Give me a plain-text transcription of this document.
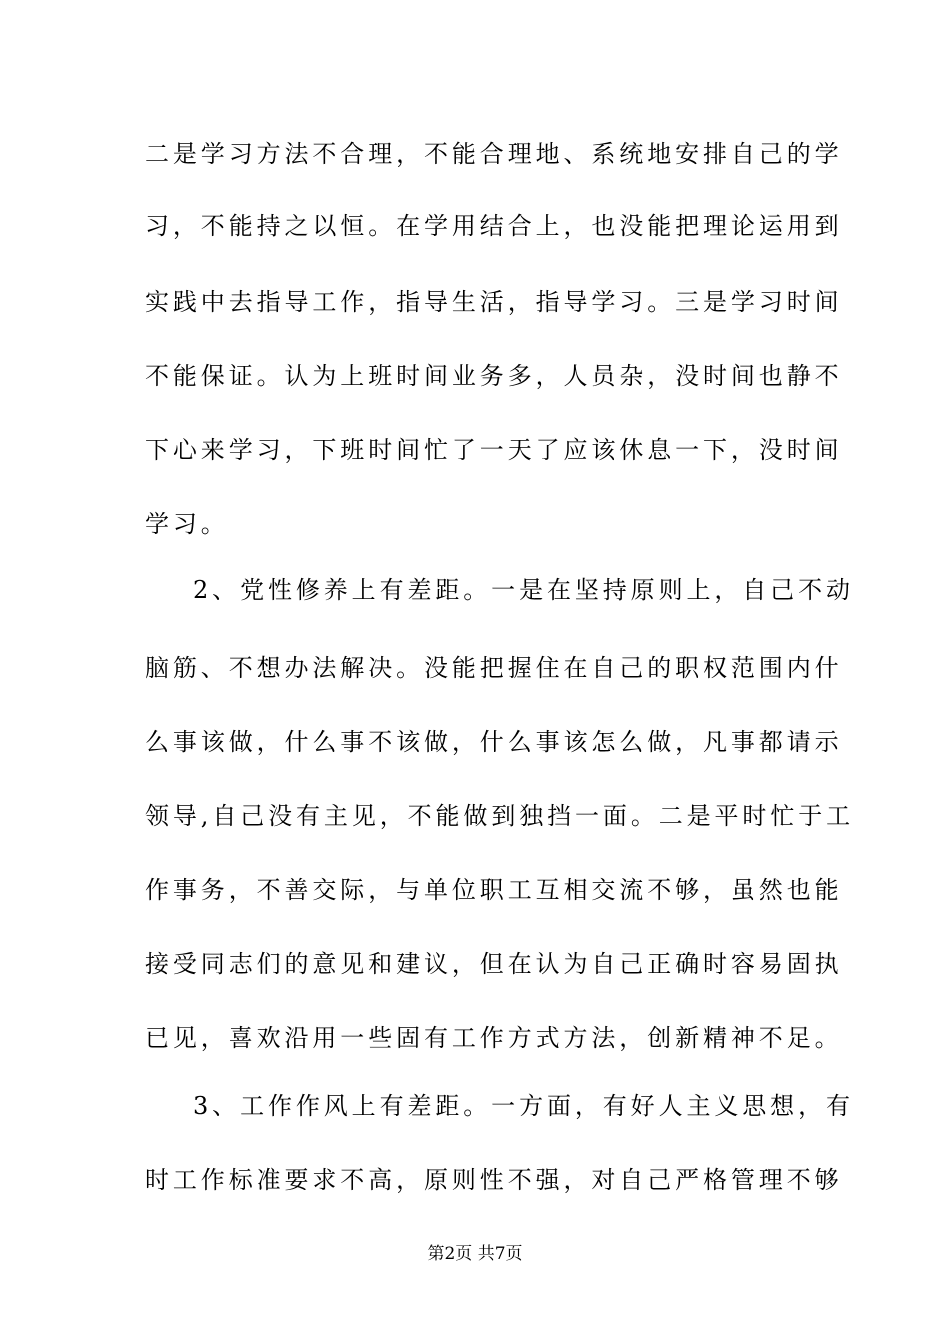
二是学习方法不合理，不能合理地、系统地安排自己的学
习，不能持之以恒。在学用结合上，也没能把理论运用到
实践中去指导工作，指导生活，指导学习。三是学习时间
不能保证。认为上班时间业务多，人员杂，没时间也静不
下心来学习，下班时间忙了一天了应该休息一下，没时间
学习。
2、党性修养上有差距。一是在坚持原则上，自己不动
脑筋、不想办法解决。没能把握住在自己的职权范围内什
么事该做，什么事不该做，什么事该怎么做，凡事都请示
领导,自己没有主见，不能做到独挡一面。二是平时忙于工
作事务，不善交际，与单位职工互相交流不够，虽然也能
接受同志们的意见和建议，但在认为自己正确时容易固执
已见，喜欢沿用一些固有工作方式方法，创新精神不足。
3、工作作风上有差距。一方面，有好人主义思想，有
时工作标准要求不高，原则性不强，对自己严格管理不够
第2页 共7页
